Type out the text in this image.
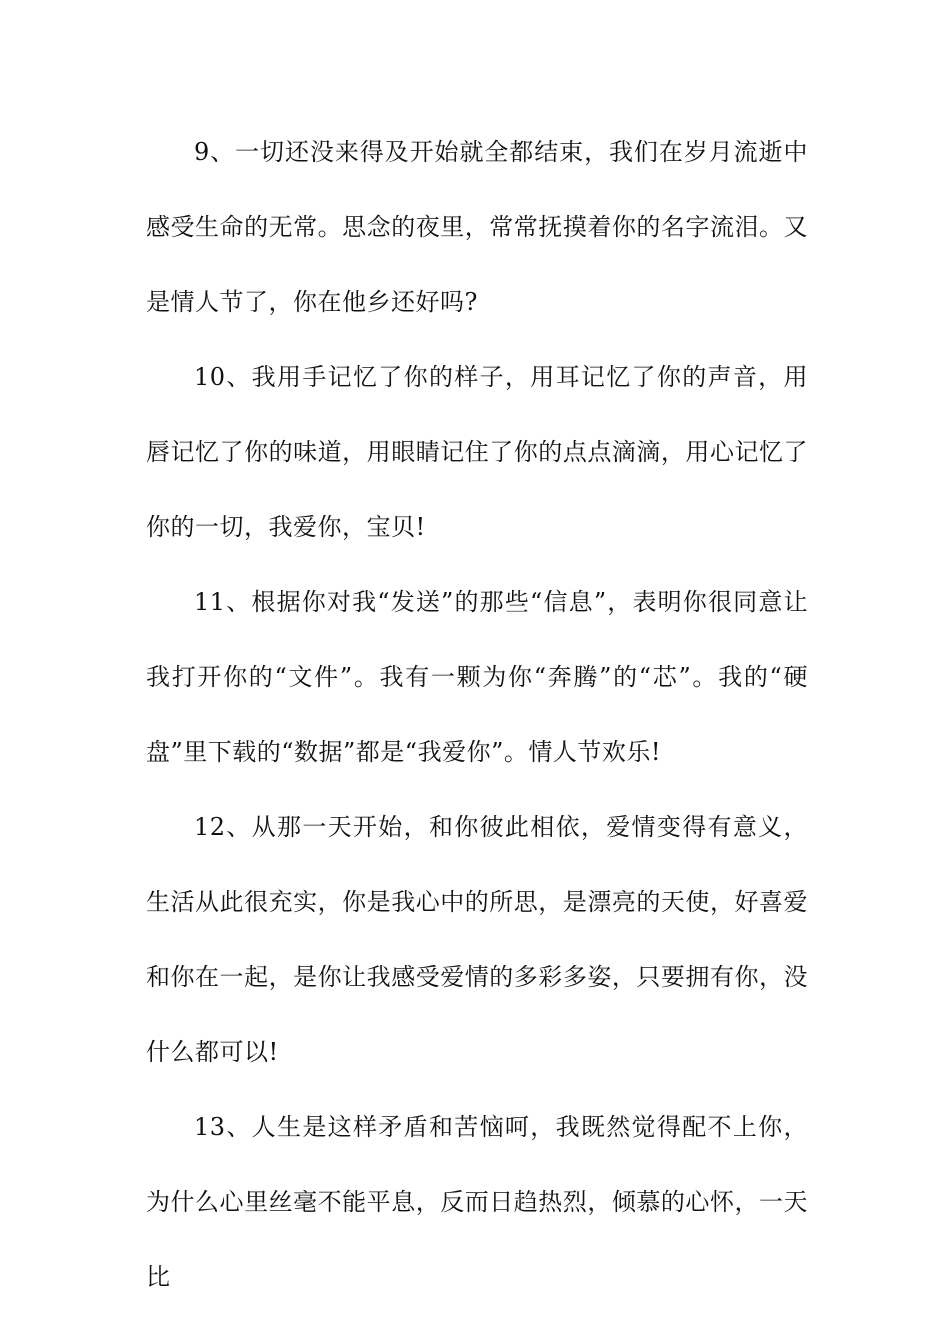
9、一切还没来得及开始就全都结束，我们在岁月流逝中感受生命的无常。思念的夜里，常常抚摸着你的名字流泪。又是情人节了，你在他乡还好吗?

10、我用手记忆了你的样子，用耳记忆了你的声音，用唇记忆了你的味道，用眼睛记住了你的点点滴滴，用心记忆了你的一切，我爱你，宝贝!

11、根据你对我“发送”的那些“信息”，表明你很同意让我打开你的“文件”。我有一颗为你“奔腾”的“芯”。我的“硬盘”里下载的“数据”都是“我爱你”。情人节欢乐!

12、从那一天开始，和你彼此相依，爱情变得有意义，生活从此很充实，你是我心中的所思，是漂亮的天使，好喜爱和你在一起，是你让我感受爱情的多彩多姿，只要拥有你，没什么都可以!

13、人生是这样矛盾和苦恼呵，我既然觉得配不上你，为什么心里丝毫不能平息，反而日趋热烈，倾慕的心怀，一天比
